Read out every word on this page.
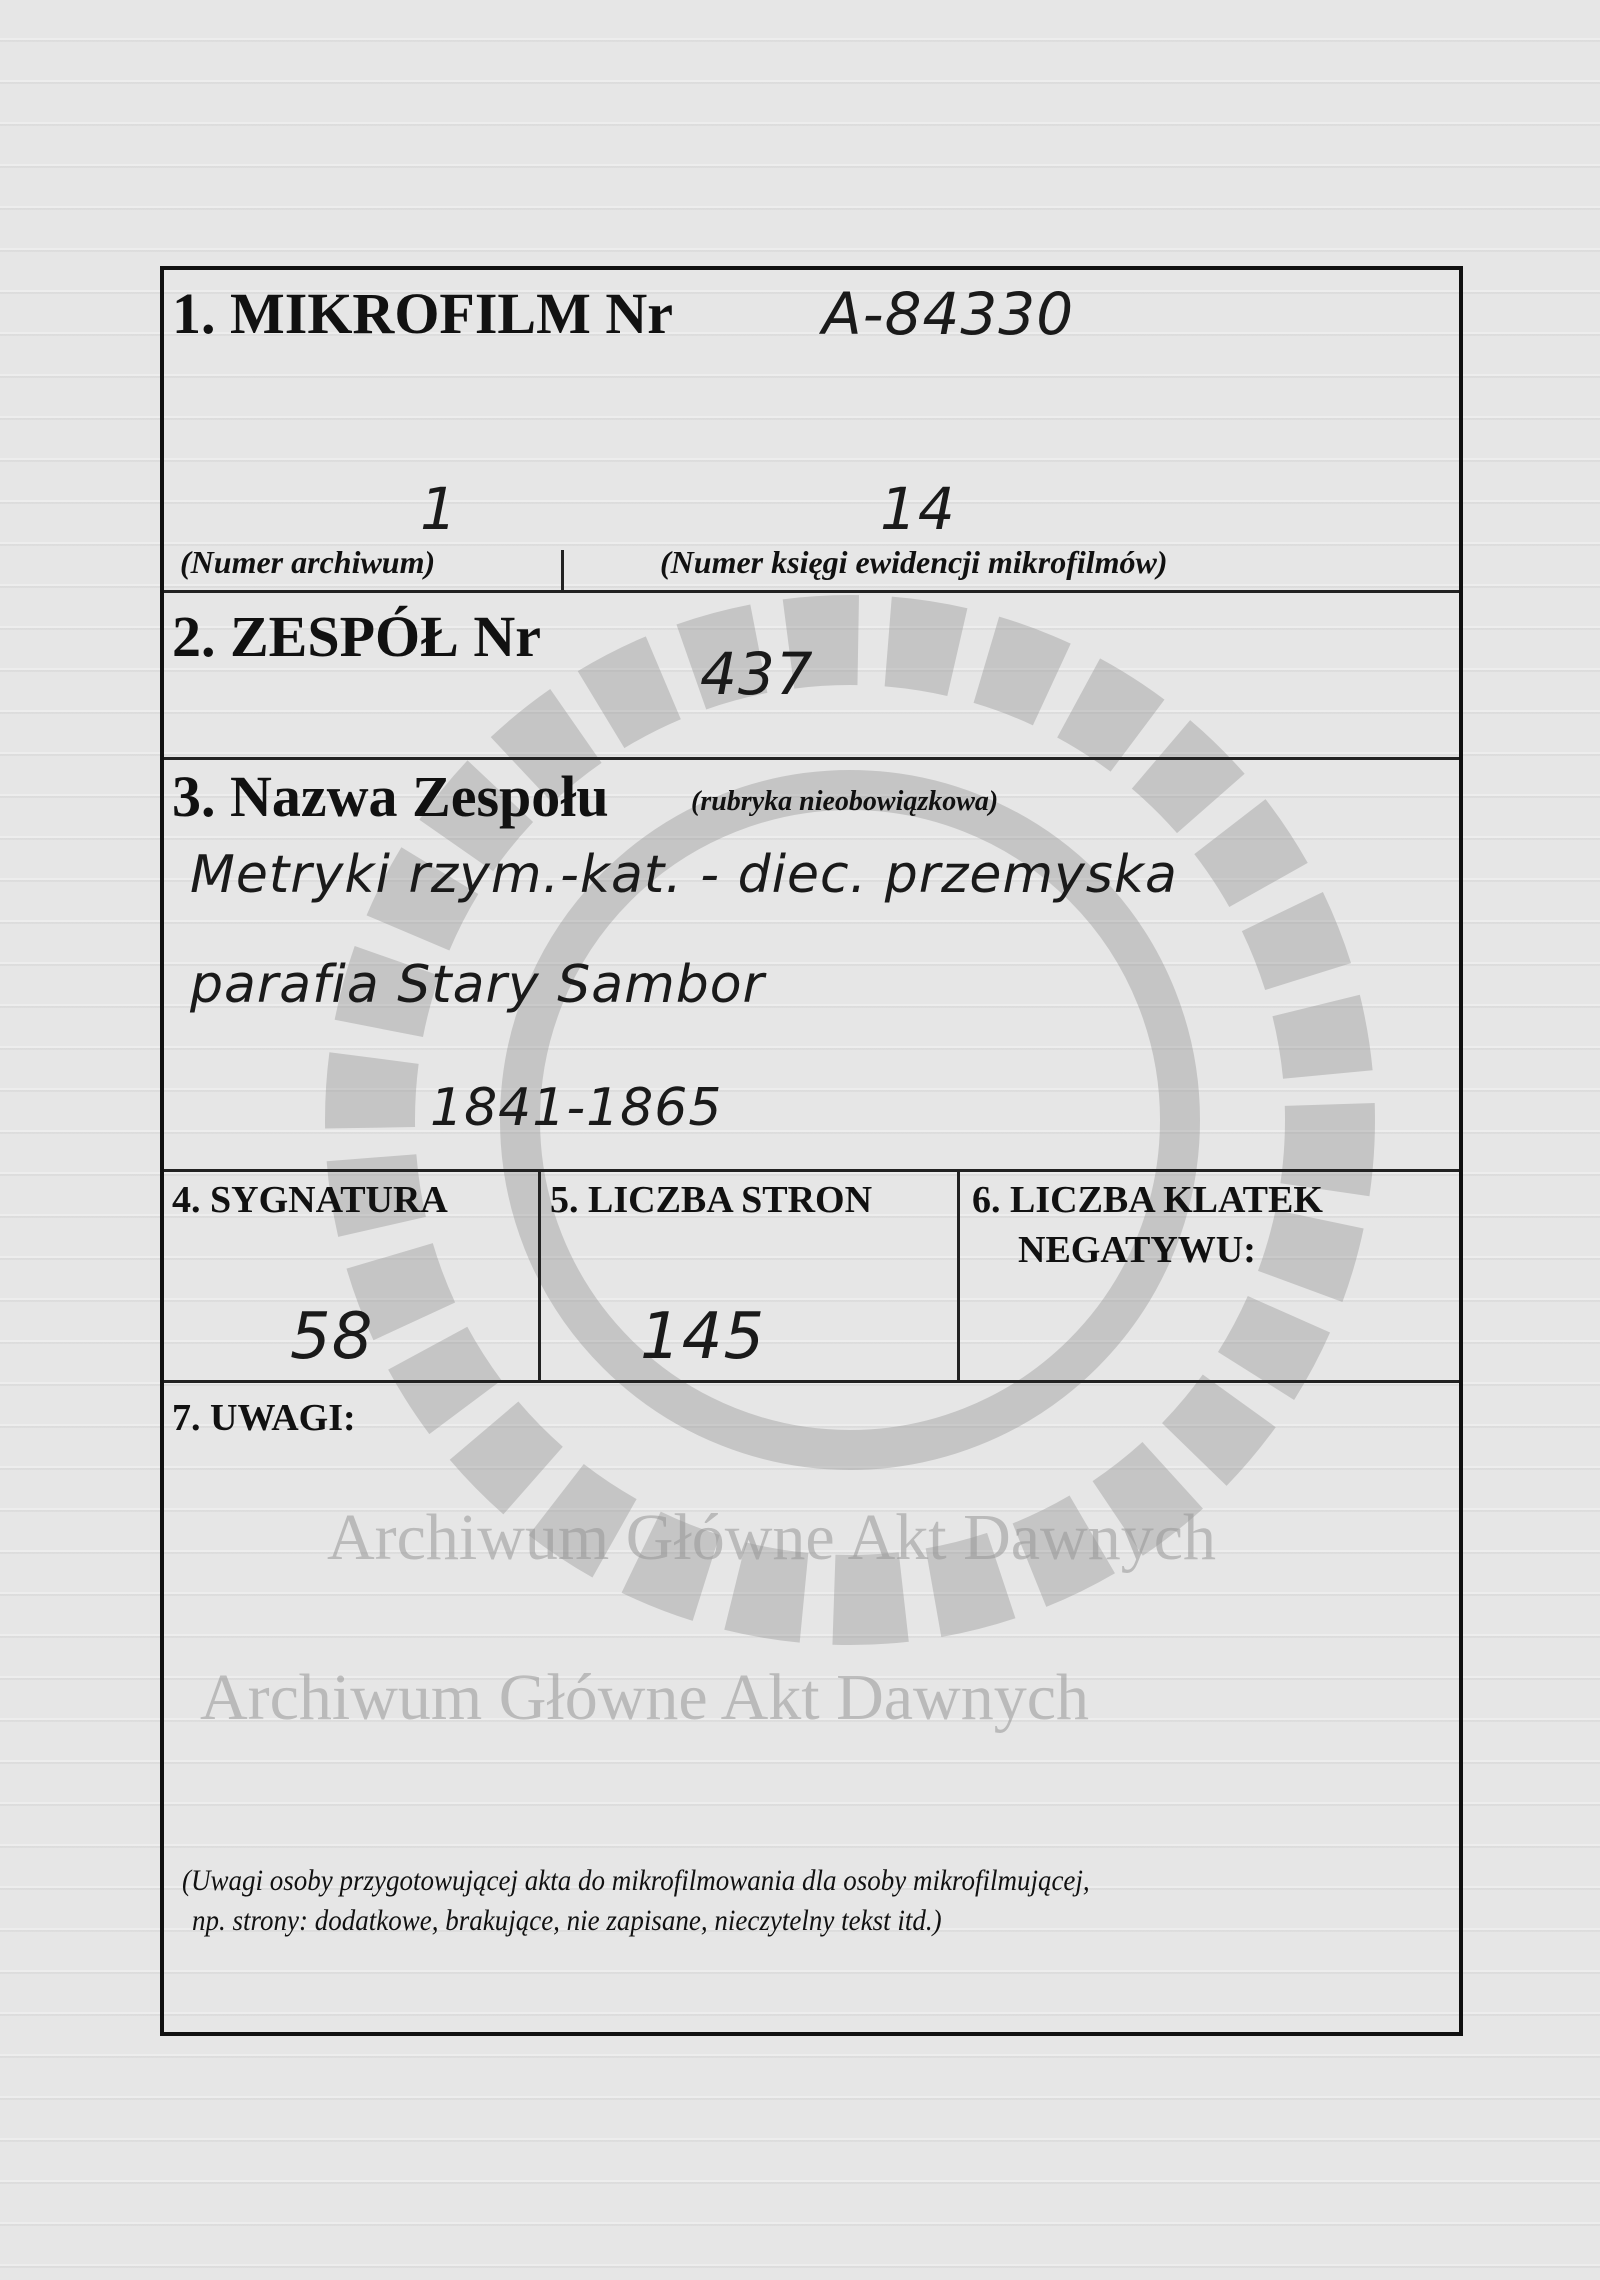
1. MIKROFILM Nr	A-84330
1	14
(Numer archiwum)	(Numer księgi ewidencji mikrofilmów)
2. ZESPÓŁ Nr
437
3. Nazwa Zespołu	(rubryka nieobowiązkowa)
Metryki rzym.-kat. - diec. przemyska
parafia Stary Sambor
1841-1865
Archiwum Główne Akt Dawnych
Archiwum Główne Akt Dawnych
4. SYGNATURA	5. LICZBA STRON	6. LICZBA KLATEK
NEGATYWU:
58	145
7. UWAGI:
(Uwagi osoby przygotowującej akta do mikrofilmowania dla osoby mikrofilmującej,
np. strony: dodatkowe, brakujące, nie zapisane, nieczytelny tekst itd.)
